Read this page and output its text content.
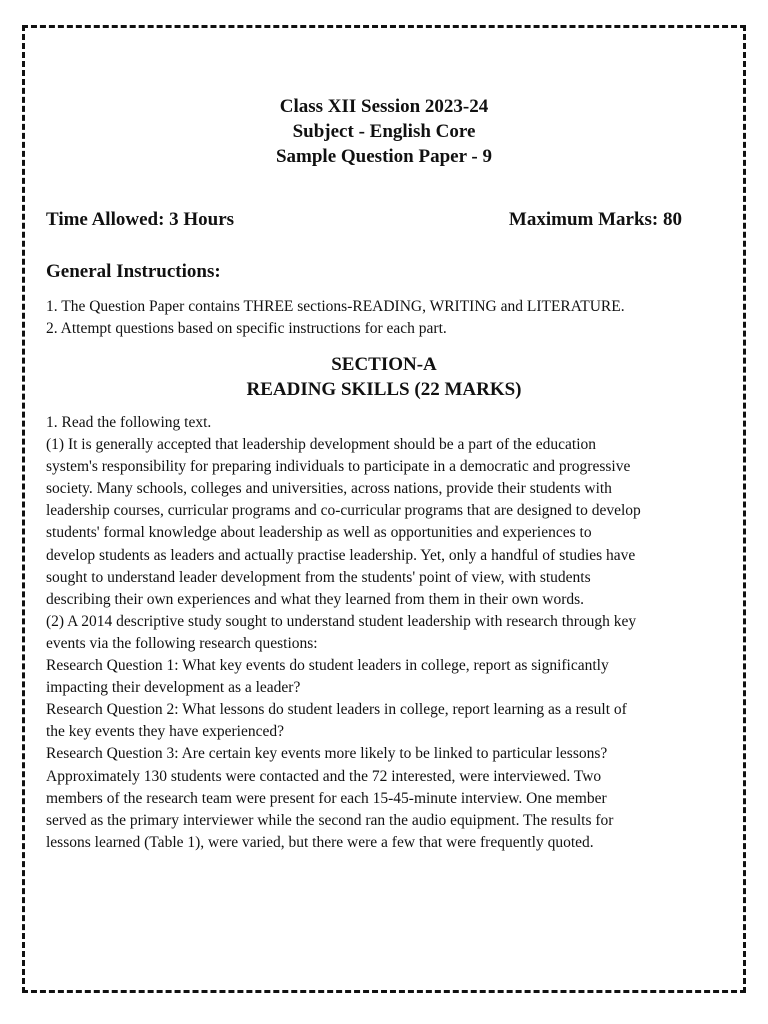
Class XII Session 2023-24
Subject - English Core
Sample Question Paper - 9
Time Allowed: 3 Hours	Maximum Marks: 80
General Instructions:
1. The Question Paper contains THREE sections-READING, WRITING and LITERATURE.
2. Attempt questions based on specific instructions for each part.
SECTION-A
READING SKILLS (22 MARKS)
1. Read the following text.
(1) It is generally accepted that leadership development should be a part of the education
system's responsibility for preparing individuals to participate in a democratic and progressive
society. Many schools, colleges and universities, across nations, provide their students with
leadership courses, curricular programs and co-curricular programs that are designed to develop
students' formal knowledge about leadership as well as opportunities and experiences to
develop students as leaders and actually practise leadership. Yet, only a handful of studies have
sought to understand leader development from the students' point of view, with students
describing their own experiences and what they learned from them in their own words.
(2) A 2014 descriptive study sought to understand student leadership with research through key
events via the following research questions:
Research Question 1: What key events do student leaders in college, report as significantly
impacting their development as a leader?
Research Question 2: What lessons do student leaders in college, report learning as a result of
the key events they have experienced?
Research Question 3: Are certain key events more likely to be linked to particular lessons?
Approximately 130 students were contacted and the 72 interested, were interviewed. Two
members of the research team were present for each 15-45-minute interview. One member
served as the primary interviewer while the second ran the audio equipment. The results for
lessons learned (Table 1), were varied, but there were a few that were frequently quoted.
